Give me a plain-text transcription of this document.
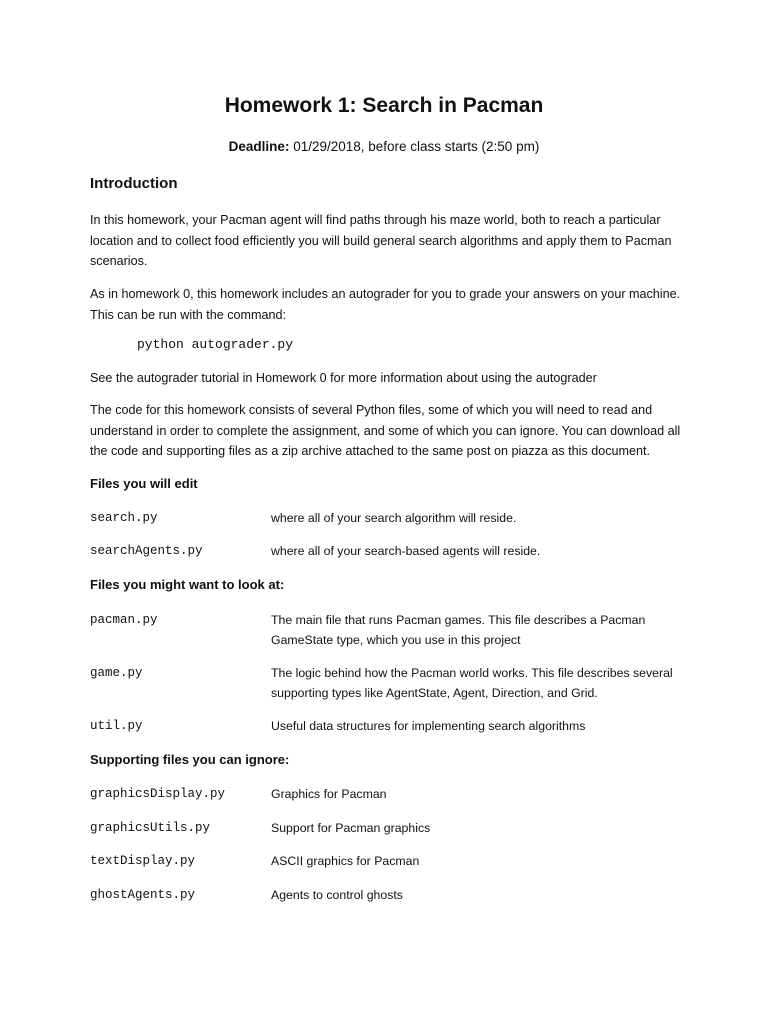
Homework 1: Search in Pacman
Deadline: 01/29/2018, before class starts (2:50 pm)
Introduction

In this homework, your Pacman agent will find paths through his maze world, both to reach a particular location and to collect food efficiently you will build general search algorithms and apply them to Pacman scenarios.

As in homework 0, this homework includes an autograder for you to grade your answers on your machine. This can be run with the command:

python autograder.py

See the autograder tutorial in Homework 0 for more information about using the autograder

The code for this homework consists of several Python files, some of which you will need to read and understand in order to complete the assignment, and some of which you can ignore. You can download all the code and supporting files as a zip archive attached to the same post on piazza as this document.

Files you will edit

search.py	where all of your search algorithm will reside.
searchAgents.py	where all of your search-based agents will reside.

Files you might want to look at:

pacman.py	The main file that runs Pacman games. This file describes a Pacman GameState type, which you use in this project
game.py	The logic behind how the Pacman world works. This file describes several supporting types like AgentState, Agent, Direction, and Grid.
util.py	Useful data structures for implementing search algorithms

Supporting files you can ignore:

graphicsDisplay.py	Graphics for Pacman
graphicsUtils.py	Support for Pacman graphics
textDisplay.py	ASCII graphics for Pacman
ghostAgents.py	Agents to control ghosts
